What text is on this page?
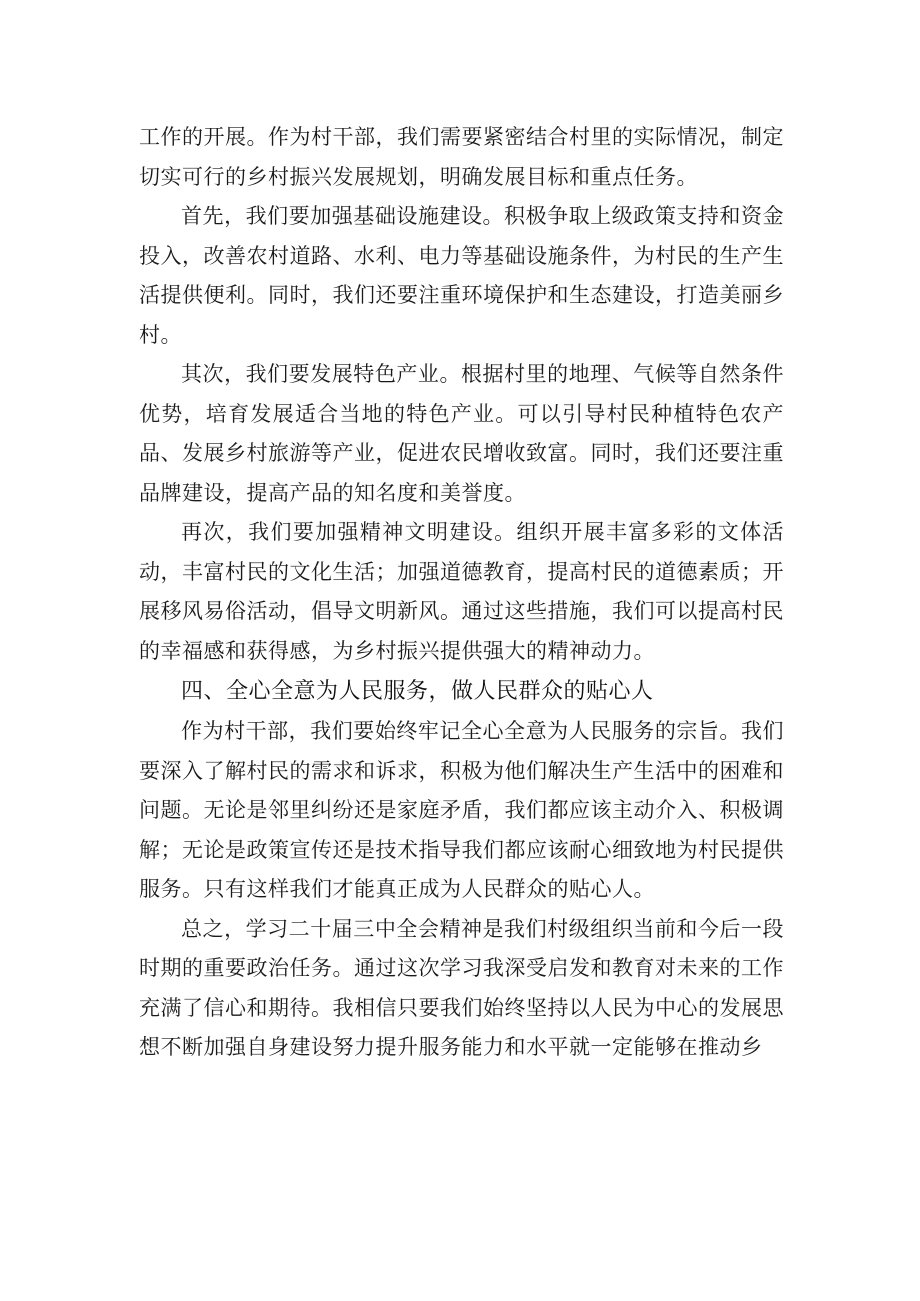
工作的开展。作为村干部，我们需要紧密结合村里的实际情况，制定切实可行的乡村振兴发展规划，明确发展目标和重点任务。

首先，我们要加强基础设施建设。积极争取上级政策支持和资金投入，改善农村道路、水利、电力等基础设施条件，为村民的生产生活提供便利。同时，我们还要注重环境保护和生态建设，打造美丽乡村。

其次，我们要发展特色产业。根据村里的地理、气候等自然条件优势，培育发展适合当地的特色产业。可以引导村民种植特色农产品、发展乡村旅游等产业，促进农民增收致富。同时，我们还要注重品牌建设，提高产品的知名度和美誉度。

再次，我们要加强精神文明建设。组织开展丰富多彩的文体活动，丰富村民的文化生活；加强道德教育，提高村民的道德素质；开展移风易俗活动，倡导文明新风。通过这些措施，我们可以提高村民的幸福感和获得感，为乡村振兴提供强大的精神动力。

四、全心全意为人民服务，做人民群众的贴心人

作为村干部，我们要始终牢记全心全意为人民服务的宗旨。我们要深入了解村民的需求和诉求，积极为他们解决生产生活中的困难和问题。无论是邻里纠纷还是家庭矛盾，我们都应该主动介入、积极调解；无论是政策宣传还是技术指导我们都应该耐心细致地为村民提供服务。只有这样我们才能真正成为人民群众的贴心人。

总之，学习二十届三中全会精神是我们村级组织当前和今后一段时期的重要政治任务。通过这次学习我深受启发和教育对未来的工作充满了信心和期待。我相信只要我们始终坚持以人民为中心的发展思想不断加强自身建设努力提升服务能力和水平就一定能够在推动乡
